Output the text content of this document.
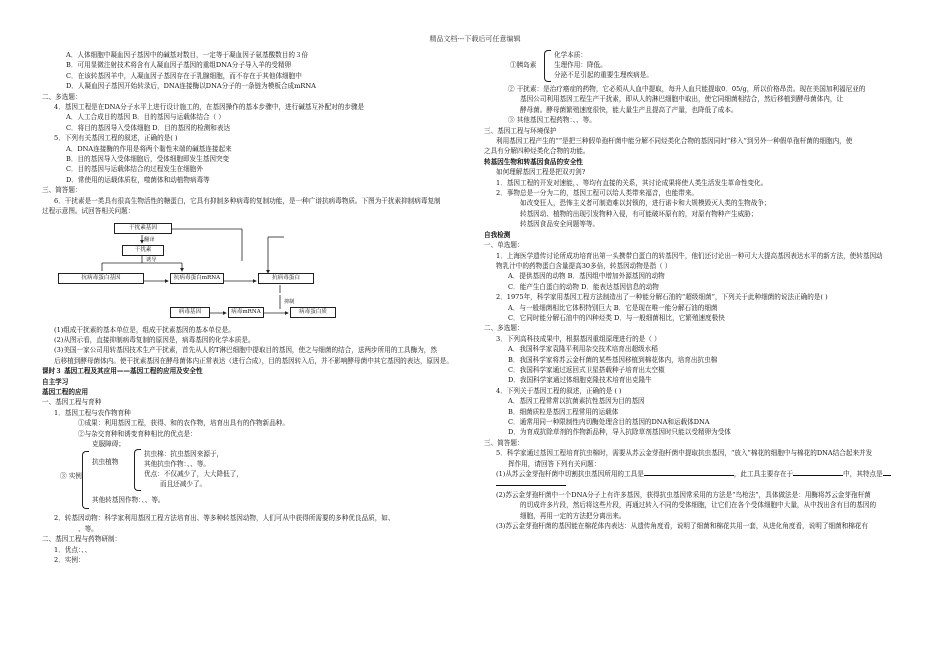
精品文档---下载后可任意编辑
A．人体细胞中凝血因子基因中的碱基对数目，一定等于凝血因子氨基酸数目的３倍
B．可用显微注射技术将含有人凝血因子基因的重组DNA分子导入羊的受精卵
C．在该转基因羊中，人凝血因子基因存在于乳腺细胞，而不存在于其他体细胞中
D．人凝血因子基因开始转录后，DNA连接酶以DNA分子的一条链为模板合成mRNA
二、多选题：
4．基因工程是在DNA分子水平上进行设计施工的，在基因操作的基本步骤中，进行碱基互补配对的步骤是
A．人工合成目的基因 B．目的基因与运载体结合（ ）
C．将目的基因导入受体细胞 D．目的基因的检测和表达
5．下列有关基因工程的叙述，正确的是( )
A．DNA连接酶的作用是将两个黏性末端的碱基连接起来
B．目的基因导入受体细胞后，受体细胞即发生基因突变
C．目的基因与运载体结合的过程发生在细胞外
D．常使用的运载体质粒，噬菌体和动植物病毒等
三、简答题：
6．干扰素是一类具有很高生物活性的糖蛋白，它具有抑制多种病毒的复制功能，是一种广谱抗病毒物质。下图为干扰素抑制病毒复制
过程示意图。试回答相关问题：
干扰素基因
干扰素
抗病毒蛋白基因	抗病毒蛋白mRNA	抗病毒蛋白
病毒基因	病毒mRNA	病毒蛋白质
翻译
诱导
抑制
(1)组成干扰素的基本单位是，组成干扰素基因的基本单位是。
(2)从图示看，直接抑制病毒复制的原因是，病毒基因的化学本质是。
(3)美国一家公司用转基因技术生产干扰素，首先从人的T淋巴细胞中提取目的基因，使之与细菌的结合，送两步所用的工具酶为，然
后移植到酵母菌体内。使干扰素基因在酵母菌体内正常表达（进行合成），目的基因转入后，并不影响酵母菌中其它基因的表达，原因是。
课时３ 基因工程及其应用——基因工程的应用及安全性
自主学习
基因工程的应用
一、基因工程与育种
1．基因工程与农作物育种
①成果：利用基因工程，获得、和的农作物，培育出具有的作物新品种。
②与杂交育种和诱变育种相比的优点是：
克服障碍；
③ 实例
抗虫植物
抗虫棉：抗虫基因来源于，
其他抗虫作物：、、等。
优点：不仅减少了，大大降低了，
而且还减少了。
其他转基因作物：、、等。
2．转基因动物：科学家利用基因工程方法培育出、等多种转基因动物，人们可从中获得所需要的多种优良品质，如、
、等。
二、基因工程与药物研制：
1．优点：、、
2．实例：
①胰岛素
化学本质：
生理作用：降低。
分泌不足引起的重要生理疾病是。
② 干扰素：是治疗癌症的药物，它必须从人血中提取，每升人血只能提取0．05/g，所以价格昂贵。现在美国加利福尼亚的
基因公司利用基因工程生产干扰素，即从人的淋巴细胞中取出，使它同细菌相结合，然后移植到酵母菌体内，让
酵母菌。酵母菌繁殖速度很快，能大量生产且提高了产量，也降低了成本。
③ 其他基因工程药物：、、等。
三、基因工程与环境保护
利用基因工程产生的“”是把三种假单孢杆菌中能分解不同烃类化合物的基因同时“移入”到另外一种假单孢杆菌的细胞内，使
之具有分解四种烃类化合物的功能。
转基因生物和转基因食品的安全性
如何理解基因工程是把双刃剑?
1．基因工程的开发对速能，、等均有直接的关系，其讨论成果将使人类生活发生革命性变化。
2．事物总是一分为二的，基因工程可以给人类带来福音，也能带来。
如改变狂人，恐怖主义者可制造难以封锁的，进行诺卡和大规模毁灭人类的生物战争；
转基因动、植物的出现引发物种入侵，有可能破坏原有的，对原有物种产生威胁；
转基因食品安全问题等等。
自我检测
一、单选题：
1．上海医学遗传讨论所成功培育出第一头携带白蛋白的转基因牛，他们还讨论出一种可大大提高基因表达水平的新方法，使转基因动
物乳汁中的药物蛋白含量提高30多倍，转基因动物是指（ ）
A．提供基因的动物 B．基因组中增加外源基因的动物
C．能产生白蛋白的动物 D．能表达基因信息的动物
2．1975年，科学家用基因工程方法制造出了一种能分解石油的“超级细菌”，下列关于此种细菌的说法正确的是( )
A．与一般细菌相比它体积特别巨大 B．它是现在唯一能分解石油的细菌
C．它同时能分解石油中的四种烃类 D．与一般细菌相比，它繁殖速度极快
二、多选题：
3．下列高科技成果中，根据基因重组原理进行的是（ ）
A．我国科学家袁隆平利用杂交技术培育出超级水稻
B．我国科学家将苏云金杆菌的某些基因移植到棉花体内，培育出抗虫棉
C．我国科学家通过返回式卫星搭载种子培育出太空椒
D．我国科学家通过体细胞克隆技术培育出克隆牛
4．下列关于基因工程的叙述，正确的是 ( )
A．基因工程常常以抗菌素抗性基因为目的基因
B．细菌质粒是基因工程常用的运载体
C．通常用同一种限制性内切酶处理含目的基因的DNA和运载体DNA
D．为育成抗除草剂的作物新品种，导入抗除草剂基因时只能以受精卵为受体
三、简答题：
5．科学家通过基因工程培育抗虫棉时，需要从苏云金芽孢杆菌中提取抗虫基因，“放入”棉花的细胞中与棉花的DNA结合起来并发
挥作用，请回答下列有关问题：
(1)从苏云金芽孢杆菌中切割抗虫基因所用的工具是	，此工具主要存在于	中，其特点是
(2)苏云金芽孢杆菌中一个DNA分子上有许多基因，获得抗虫基因常采用的方法是“鸟枪法”，具体做法是：用酶将苏云金芽孢杆菌
的切成许多片段，然后将这些片段，再通过转入不同的受体细胞，让它们在各个受体细胞中大量，从中找出含有目的基因的
细胞，再用一定的方法把分离出来。
(3)苏云金芽孢杆菌的基因能在棉花体内表达：从遗传角度看，说明了细菌和棉花共用一套，从进化角度看，说明了细菌和棉花有
